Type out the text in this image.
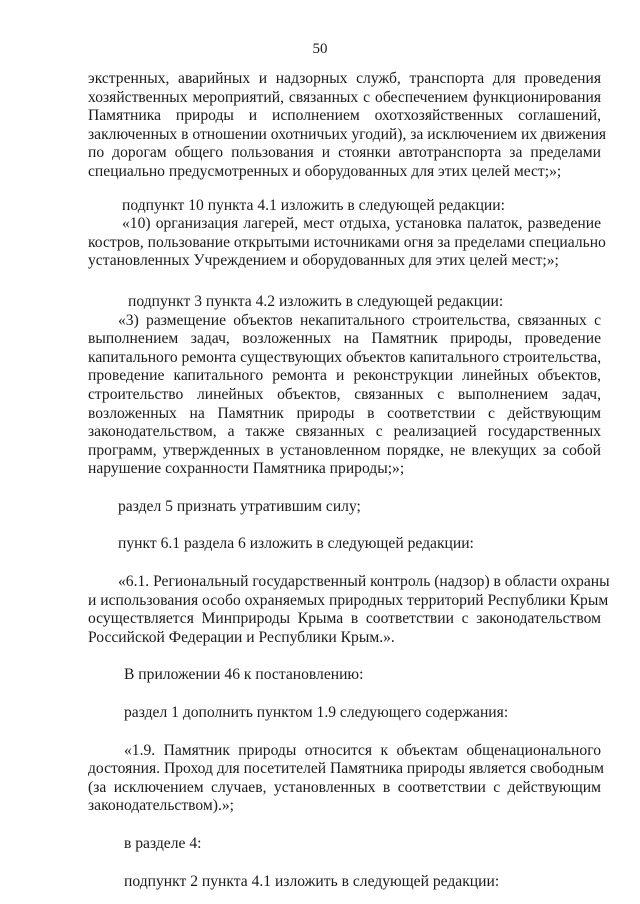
50
экстренных, аварийных и надзорных служб, транспорта для проведения
хозяйственных мероприятий, связанных с обеспечением функционирования
Памятника природы и исполнением охотхозяйственных соглашений,
заключенных в отношении охотничьих угодий), за исключением их движения
по дорогам общего пользования и стоянки автотранспорта за пределами
специально предусмотренных и оборудованных для этих целей мест;»;
подпункт 10 пункта 4.1 изложить в следующей редакции:
«10) организация лагерей, мест отдыха, установка палаток, разведение
костров, пользование открытыми источниками огня за пределами специально
установленных Учреждением и оборудованных для этих целей мест;»;
подпункт 3 пункта 4.2 изложить в следующей редакции:
«3) размещение объектов некапитального строительства, связанных с
выполнением задач, возложенных на Памятник природы, проведение
капитального ремонта существующих объектов капитального строительства,
проведение капитального ремонта и реконструкции линейных объектов,
строительство линейных объектов, связанных с выполнением задач,
возложенных на Памятник природы в соответствии с действующим
законодательством, а также связанных с реализацией государственных
программ, утвержденных в установленном порядке, не влекущих за собой
нарушение сохранности Памятника природы;»;
раздел 5 признать утратившим силу;
пункт 6.1 раздела 6 изложить в следующей редакции:
«6.1. Региональный государственный контроль (надзор) в области охраны
и использования особо охраняемых природных территорий Республики Крым
осуществляется Минприроды Крыма в соответствии с законодательством
Российской Федерации и Республики Крым.».
В приложении 46 к постановлению:
раздел 1 дополнить пунктом 1.9 следующего содержания:
«1.9. Памятник природы относится к объектам общенационального
достояния. Проход для посетителей Памятника природы является свободным
(за исключением случаев, установленных в соответствии с действующим
законодательством).»;
в разделе 4:
подпункт 2 пункта 4.1 изложить в следующей редакции:
